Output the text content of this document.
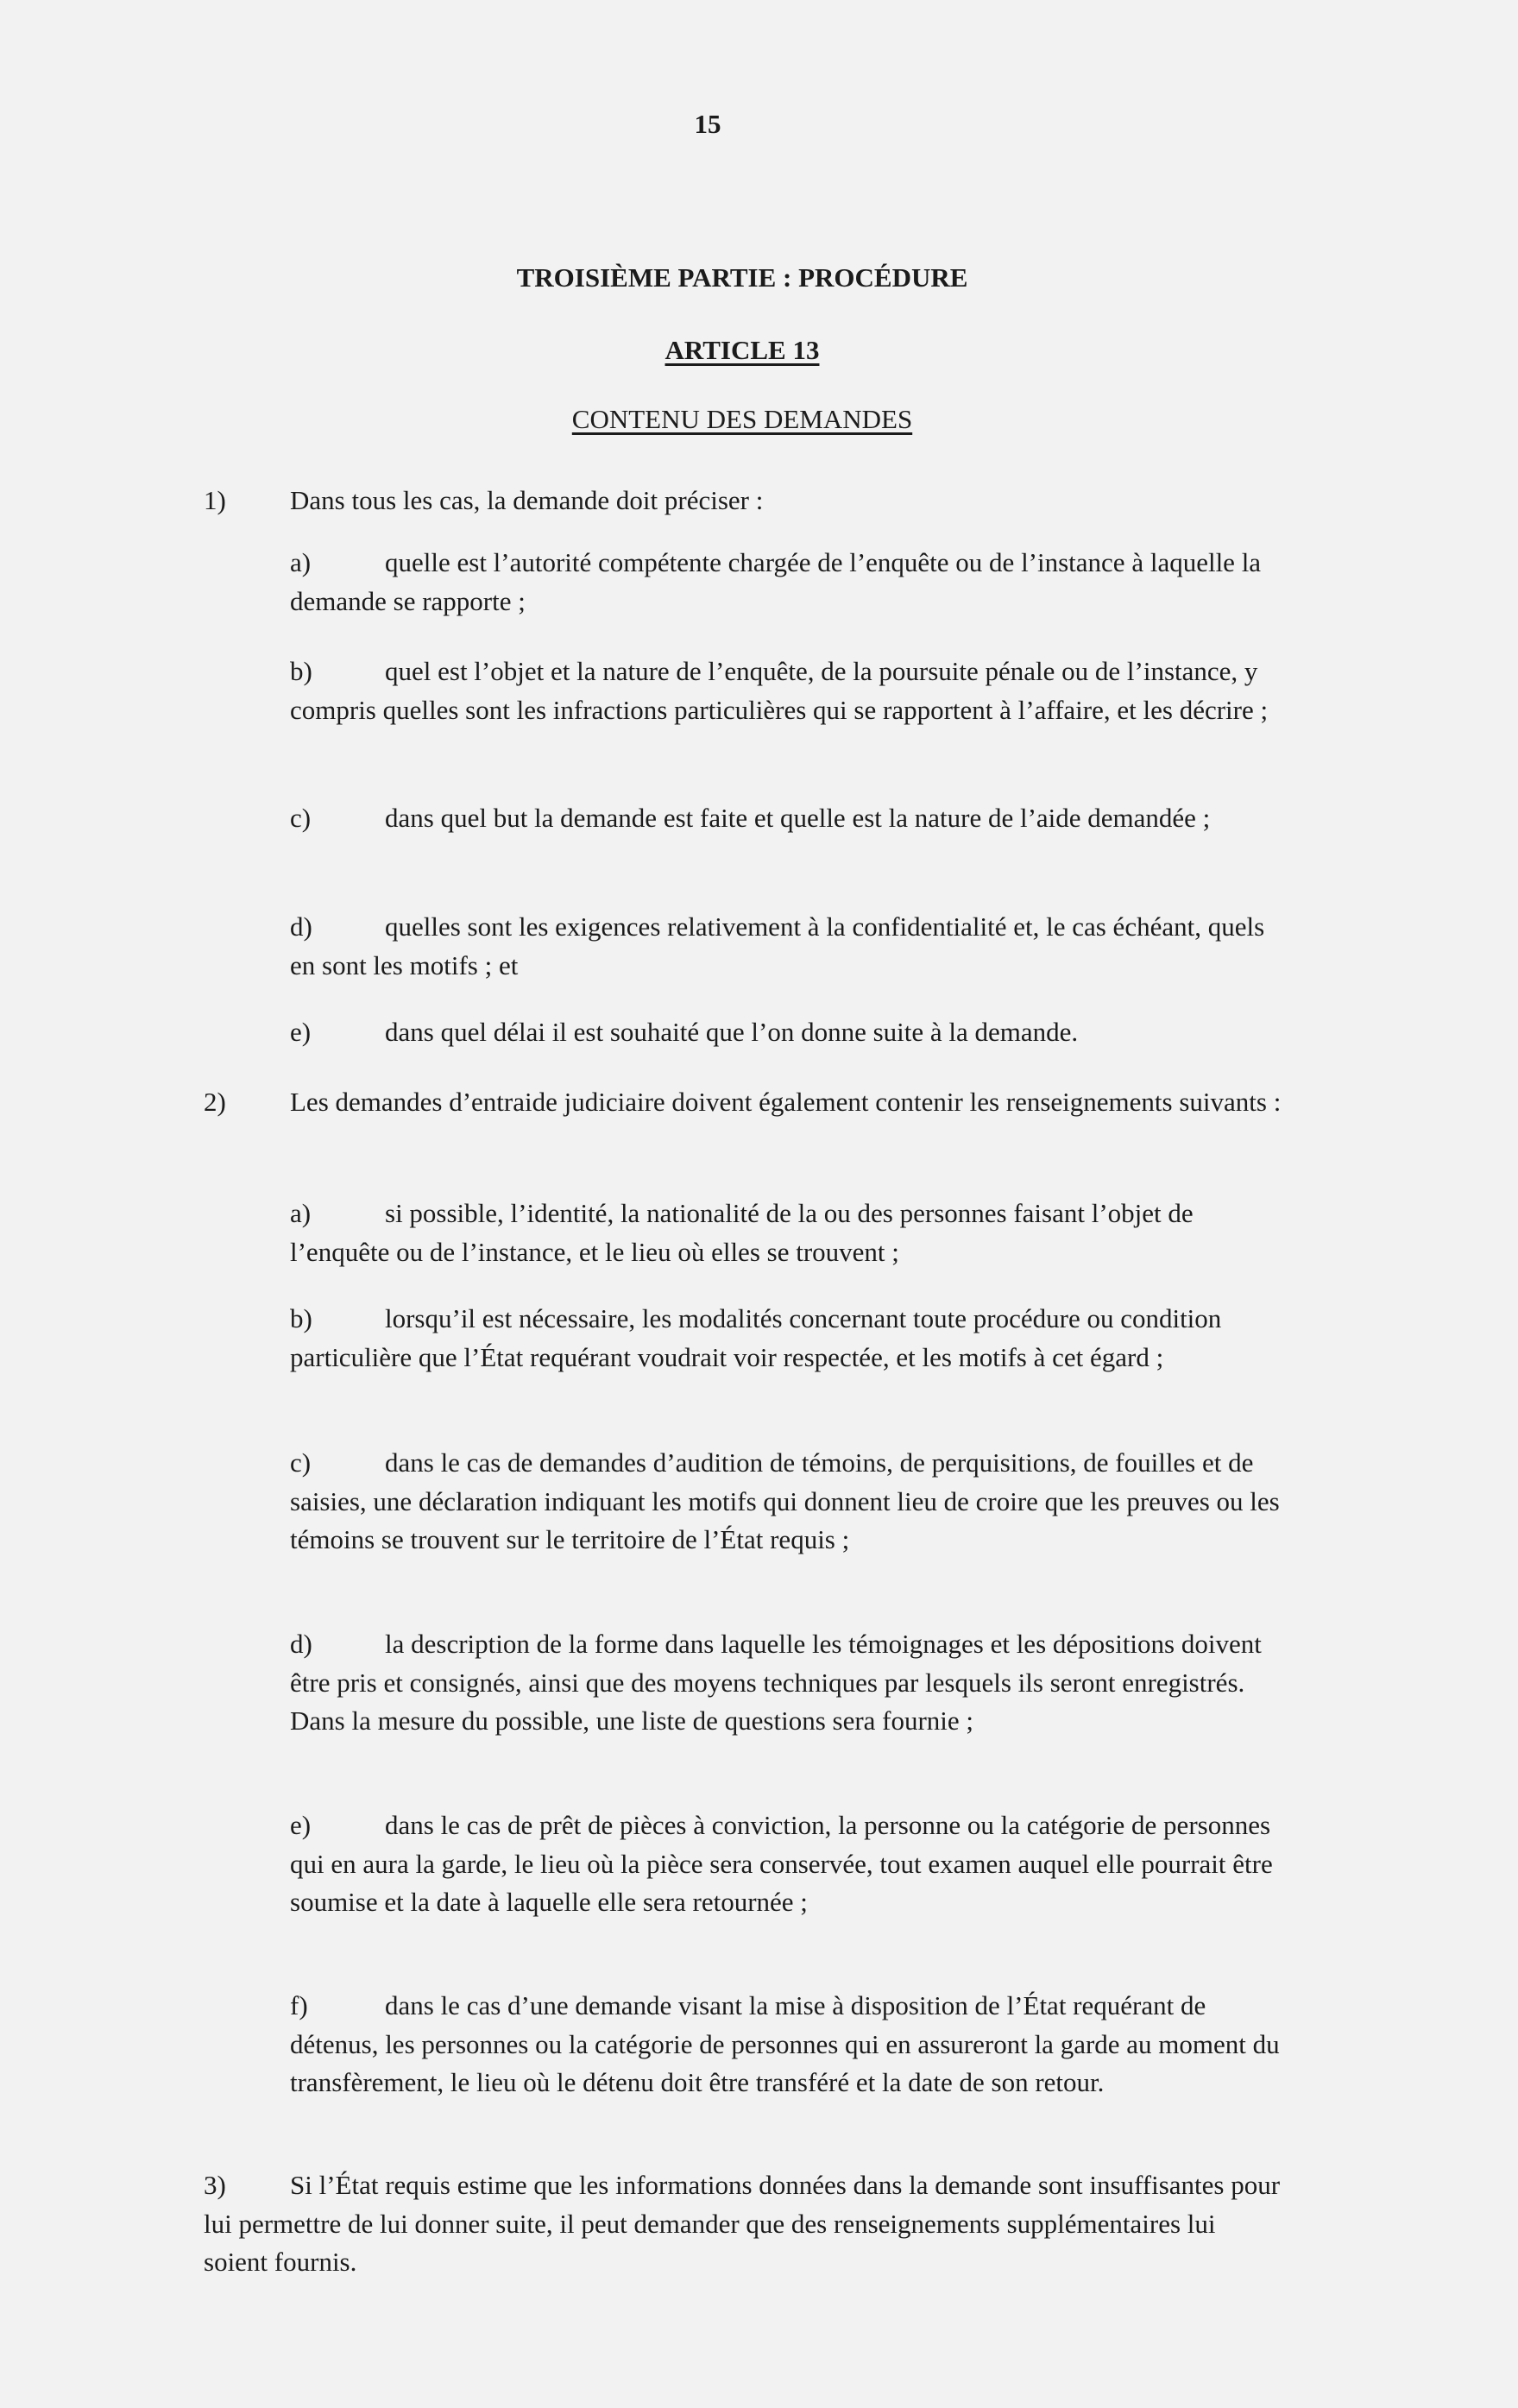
15
TROISIÈME PARTIE : PROCÉDURE
ARTICLE 13
CONTENU DES DEMANDES

1) Dans tous les cas, la demande doit préciser :

a)	quelle est l’autorité compétente chargée de l’enquête ou de l’instance à laquelle la demande se rapporte ;

b)	quel est l’objet et la nature de l’enquête, de la poursuite pénale ou de l’instance, y compris quelles sont les infractions particulières qui se rapportent à l’affaire, et les décrire ;

c)	dans quel but la demande est faite et quelle est la nature de l’aide demandée ;

d)	quelles sont les exigences relativement à la confidentialité et, le cas échéant, quels en sont les motifs ; et

e)	dans quel délai il est souhaité que l’on donne suite à la demande.

2) Les demandes d’entraide judiciaire doivent également contenir les renseignements suivants :

a)	si possible, l’identité, la nationalité de la ou des personnes faisant l’objet de l’enquête ou de l’instance, et le lieu où elles se trouvent ;

b)	lorsqu’il est nécessaire, les modalités concernant toute procédure ou condition particulière que l’État requérant voudrait voir respectée, et les motifs à cet égard ;

c)	dans le cas de demandes d’audition de témoins, de perquisitions, de fouilles et de saisies, une déclaration indiquant les motifs qui donnent lieu de croire que les preuves ou les témoins se trouvent sur le territoire de l’État requis ;

d)	la description de la forme dans laquelle les témoignages et les dépositions doivent être pris et consignés, ainsi que des moyens techniques par lesquels ils seront enregistrés. Dans la mesure du possible, une liste de questions sera fournie ;

e)	dans le cas de prêt de pièces à conviction, la personne ou la catégorie de personnes qui en aura la garde, le lieu où la pièce sera conservée, tout examen auquel elle pourrait être soumise et la date à laquelle elle sera retournée ;

f)	dans le cas d’une demande visant la mise à disposition de l’État requérant de détenus, les personnes ou la catégorie de personnes qui en assureront la garde au moment du transfèrement, le lieu où le détenu doit être transféré et la date de son retour.

3) Si l’État requis estime que les informations données dans la demande sont insuffisantes pour lui permettre de lui donner suite, il peut demander que des renseignements supplémentaires lui soient fournis.
